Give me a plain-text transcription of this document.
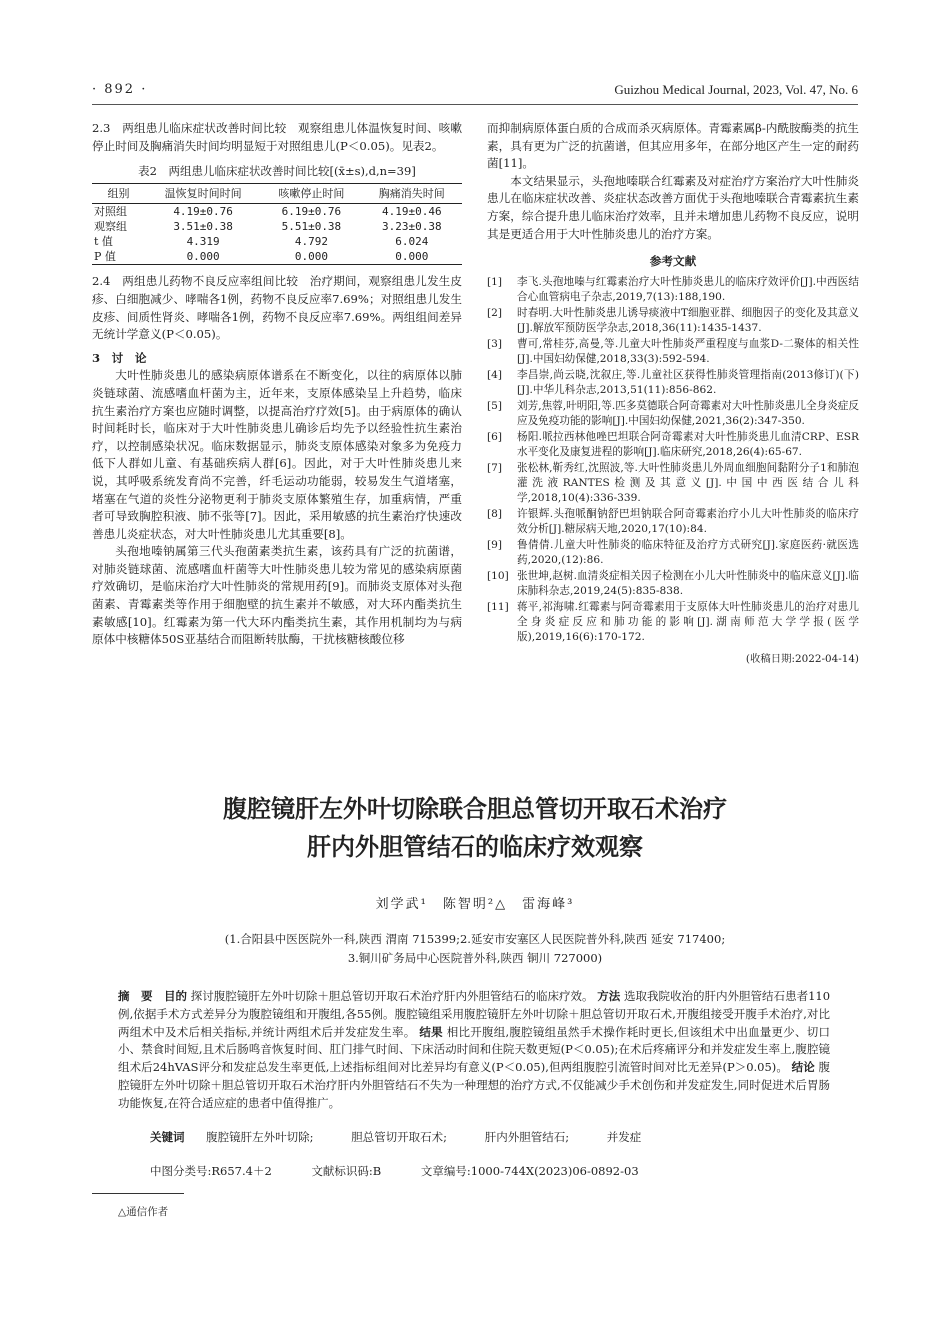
· 892 ·	Guizhou Medical Journal, 2023, Vol. 47, No. 6

2.3　两组患儿临床症状改善时间比较　观察组患儿体温恢复时间、咳嗽停止时间及胸痛消失时间均明显短于对照组患儿(P＜0.05)。见表2。

表2　两组患儿临床症状改善时间比较[(x̄±s),d,n=39]
组别	温恢复时间时间	咳嗽停止时间	胸痛消失时间
对照组	4.19±0.76	6.19±0.76	4.19±0.46
观察组	3.51±0.38	5.51±0.38	3.23±0.38
t 值	4.319	4.792	6.024
P 值	0.000	0.000	0.000

2.4　两组患儿药物不良反应率组间比较　治疗期间，观察组患儿发生皮疹、白细胞减少、哮喘各1例，药物不良反应率7.69%；对照组患儿发生皮疹、间质性肾炎、哮喘各1例，药物不良反应率7.69%。两组组间差异无统计学意义(P＜0.05)。

3　讨　论

大叶性肺炎患儿的感染病原体谱系在不断变化，以往的病原体以肺炎链球菌、流感嗜血杆菌为主，近年来，支原体感染呈上升趋势，临床抗生素治疗方案也应随时调整，以提高治疗疗效[5]。由于病原体的确认时间耗时长，临床对于大叶性肺炎患儿确诊后均先予以经验性抗生素治疗，以控制感染状况。临床数据显示，肺炎支原体感染对象多为免疫力低下人群如儿童、有基础疾病人群[6]。因此，对于大叶性肺炎患儿来说，其呼吸系统发育尚不完善，纤毛运动功能弱，较易发生气道堵塞，堵塞在气道的炎性分泌物更利于肺炎支原体繁殖生存，加重病情，严重者可导致胸腔积液、肺不张等[7]。因此，采用敏感的抗生素治疗快速改善患儿炎症状态，对大叶性肺炎患儿尤其重要[8]。

头孢地嗪钠属第三代头孢菌素类抗生素，该药具有广泛的抗菌谱，对肺炎链球菌、流感嗜血杆菌等大叶性肺炎患儿较为常见的感染病原菌疗效确切，是临床治疗大叶性肺炎的常规用药[9]。而肺炎支原体对头孢菌素、青霉素类等作用于细胞壁的抗生素并不敏感，对大环内酯类抗生素敏感[10]。红霉素为第一代大环内酯类抗生素，其作用机制均为与病原体中核糖体50S亚基结合而阻断转肽酶，干扰核糖核酸位移

而抑制病原体蛋白质的合成而杀灭病原体。青霉素属β-内酰胺酶类的抗生素，具有更为广泛的抗菌谱，但其应用多年，在部分地区产生一定的耐药菌[11]。

本文结果显示，头孢地嗪联合红霉素及对症治疗方案治疗大叶性肺炎患儿在临床症状改善、炎症状态改善方面优于头孢地嗪联合青霉素抗生素方案，综合提升患儿临床治疗效率，且并未增加患儿药物不良反应，说明其是更适合用于大叶性肺炎患儿的治疗方案。

参考文献
[1]	李飞.头孢地嗪与红霉素治疗大叶性肺炎患儿的临床疗效评价[J].中西医结合心血管病电子杂志,2019,7(13):188,190.
[2]	时春明.大叶性肺炎患儿诱导痰液中T细胞亚群、细胞因子的变化及其意义[J].解放军预防医学杂志,2018,36(11):1435-1437.
[3]	曹可,常桂芬,高曼,等.儿童大叶性肺炎严重程度与血浆D-二聚体的相关性[J].中国妇幼保健,2018,33(3):592-594.
[4]	李昌崇,尚云晓,沈叙庄,等.儿童社区获得性肺炎管理指南(2013修订)(下)[J].中华儿科杂志,2013,51(11):856-862.
[5]	刘芳,焦蓉,叶明阳,等.匹多莫德联合阿奇霉素对大叶性肺炎患儿全身炎症反应及免疫功能的影响[J].中国妇幼保健,2021,36(2):347-350.
[6]	杨阳.哌拉西林他唑巴坦联合阿奇霉素对大叶性肺炎患儿血清CRP、ESR水平变化及康复进程的影响[J].临床研究,2018,26(4):65-67.
[7]	张松林,靳秀红,沈照波,等.大叶性肺炎患儿外周血细胞间黏附分子1和肺泡灌洗液RANTES检测及其意义[J].中国中西医结合儿科学,2018,10(4):336-339.
[8]	许银辉.头孢哌酮钠舒巴坦钠联合阿奇霉素治疗小儿大叶性肺炎的临床疗效分析[J].糖尿病天地,2020,17(10):84.
[9]	鲁倩倩.儿童大叶性肺炎的临床特征及治疗方式研究[J].家庭医药·就医选药,2020,(12):86.
[10] 张世坤,赵树.血清炎症相关因子检测在小儿大叶性肺炎中的临床意义[J].临床肺科杂志,2019,24(5):835-838.
[11] 蒋平,祁海啸.红霉素与阿奇霉素用于支原体大叶性肺炎患儿的治疗对患儿全身炎症反应和肺功能的影响[J].湖南师范大学学报(医学版),2019,16(6):170-172.
(收稿日期:2022-04-14)
腹腔镜肝左外叶切除联合胆总管切开取石术治疗
肝内外胆管结石的临床疗效观察
刘学武¹　陈智明²△　雷海峰³
(1.合阳县中医医院外一科,陕西 渭南 715399;2.延安市安塞区人民医院普外科,陕西 延安 717400;
3.铜川矿务局中心医院普外科,陕西 铜川 727000)
摘　要　目的 探讨腹腔镜肝左外叶切除＋胆总管切开取石术治疗肝内外胆管结石的临床疗效。 方法 选取我院收治的肝内外胆管结石患者110例,依据手术方式差异分为腹腔镜组和开腹组,各55例。腹腔镜组采用腹腔镜肝左外叶切除＋胆总管切开取石术,开腹组接受开腹手术治疗,对比两组术中及术后相关指标,并统计两组术后并发症发生率。 结果 相比开腹组,腹腔镜组虽然手术操作耗时更长,但该组术中出血量更少、切口小、禁食时间短,且术后肠鸣音恢复时间、肛门排气时间、下床活动时间和住院天数更短(P＜0.05);在术后疼痛评分和并发症发生率上,腹腔镜组术后24hVAS评分和发症总发生率更低,上述指标组间对比差异均有意义(P＜0.05),但两组腹腔引流管时间对比无差异(P＞0.05)。 结论 腹腔镜肝左外叶切除＋胆总管切开取石术治疗肝内外胆管结石不失为一种理想的治疗方式,不仅能减少手术创伤和并发症发生,同时促进术后胃肠功能恢复,在符合适应症的患者中值得推广。
关键词 腹腔镜肝左外叶切除;	胆总管切开取石术;	肝内外胆管结石;	并发症
中图分类号:R657.4＋2	文献标识码:B	文章编号:1000-744X(2023)06-0892-03
△通信作者
